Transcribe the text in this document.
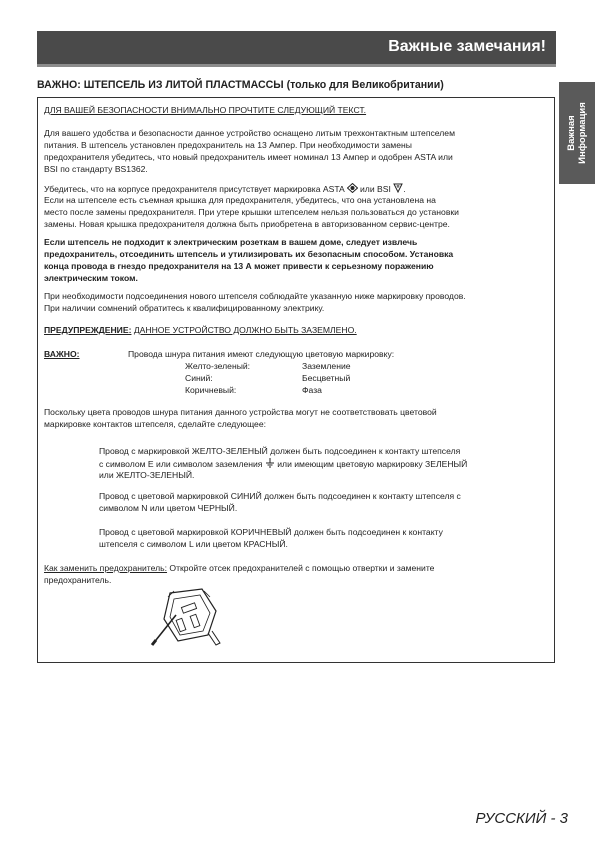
Важные замечания!
Важная
Информация
ВАЖНО: ШТЕПСЕЛЬ ИЗ ЛИТОЙ ПЛАСТМАССЫ (только для Великобритании)
ДЛЯ ВАШЕЙ БЕЗОПАСНОСТИ ВНИМАЛЬНО ПРОЧТИТЕ СЛЕДУЮЩИЙ ТЕКСТ.
Для вашего удобства и безопасности данное устройство оснащено литым трехконтактным штепселем
питания. В штепсель установлен предохранитель на 13 Ампер. При необходимости замены
предохранителя убедитесь, что новый предохранитель имеет номинал 13 Ампер и одобрен ASTA или
BSI по стандарту BS1362.
Убедитесь, что на корпусе предохранителя присутствует маркировка ASTA или BSI .
Если на штепселе есть съемная крышка для предохранителя, убедитесь, что она установлена на
место после замены предохранителя. При утере крышки штепселем нельзя пользоваться до установки
замены. Новая крышка предохранителя должна быть приобретена в авторизованном сервис-центре.
Если штепсель не подходит к электрическим розеткам в вашем доме, следует извлечь
предохранитель, отсоединить штепсель и утилизировать их безопасным способом. Установка
конца провода в гнездо предохранителя на 13 А может привести к серьезному поражению
электрическим током.
При необходимости подсоединения нового штепселя соблюдайте указанную ниже маркировку проводов.
При наличии сомнений обратитесь к квалифицированному электрику.
ПРЕДУПРЕЖДЕНИЕ: ДАННОЕ УСТРОЙСТВО ДОЛЖНО БЫТЬ ЗАЗЕМЛЕНО.
ВАЖНО:	Провода шнура питания имеют следующую цветовую маркировку:
Желто-зеленый:	Заземление
Синий:	Бесцветный
Коричневый:	Фаза
Поскольку цвета проводов шнура питания данного устройства могут не соответствовать цветовой
маркировке контактов штепселя, сделайте следующее:
Провод с маркировкой ЖЕЛТО-ЗЕЛЕНЫЙ должен быть подсоединен к контакту штепселя
с символом E или символом заземления или имеющим цветовую маркировку ЗЕЛЕНЫЙ
или ЖЕЛТО-ЗЕЛЕНЫЙ.
Провод с цветовой маркировкой СИНИЙ должен быть подсоединен к контакту штепселя с
символом N или цветом ЧЕРНЫЙ.
Провод с цветовой маркировкой КОРИЧНЕВЫЙ должен быть подсоединен к контакту
штепселя с символом L или цветом КРАСНЫЙ.
Как заменить предохранитель: Откройте отсек предохранителей с помощью отвертки и замените
предохранитель.
РУССКИЙ - 3
